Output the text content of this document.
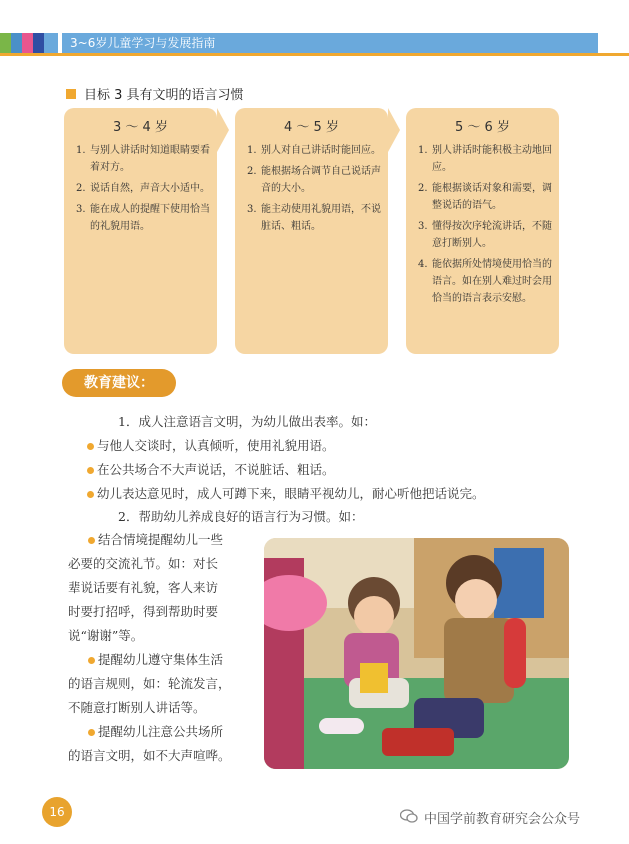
3~6岁儿童学习与发展指南
目标 3 具有文明的语言习惯
3 ～ 4 岁
1. 与别人讲话时知道眼睛要看着对方。
2. 说话自然，声音大小适中。
3. 能在成人的提醒下使用恰当的礼貌用语。
4 ～ 5 岁
1. 别人对自己讲话时能回应。
2. 能根据场合调节自己说话声音的大小。
3. 能主动使用礼貌用语，不说脏话、粗话。
5 ～ 6 岁
1. 别人讲话时能积极主动地回应。
2. 能根据谈话对象和需要，调整说话的语气。
3. 懂得按次序轮流讲话，不随意打断别人。
4. 能依据所处情境使用恰当的语言。如在别人难过时会用恰当的语言表示安慰。
教育建议：
1．成人注意语言文明，为幼儿做出表率。如：
与他人交谈时，认真倾听，使用礼貌用语。
在公共场合不大声说话，不说脏话、粗话。
幼儿表达意见时，成人可蹲下来，眼睛平视幼儿，耐心听他把话说完。
2．帮助幼儿养成良好的语言行为习惯。如：
结合情境提醒幼儿一些
必要的交流礼节。如：对长
辈说话要有礼貌，客人来访
时要打招呼，得到帮助时要
说“谢谢”等。
提醒幼儿遵守集体生活
的语言规则，如：轮流发言，
不随意打断别人讲话等。
提醒幼儿注意公共场所
的语言文明，如不大声喧哗。
16	中国学前教育研究会公众号
